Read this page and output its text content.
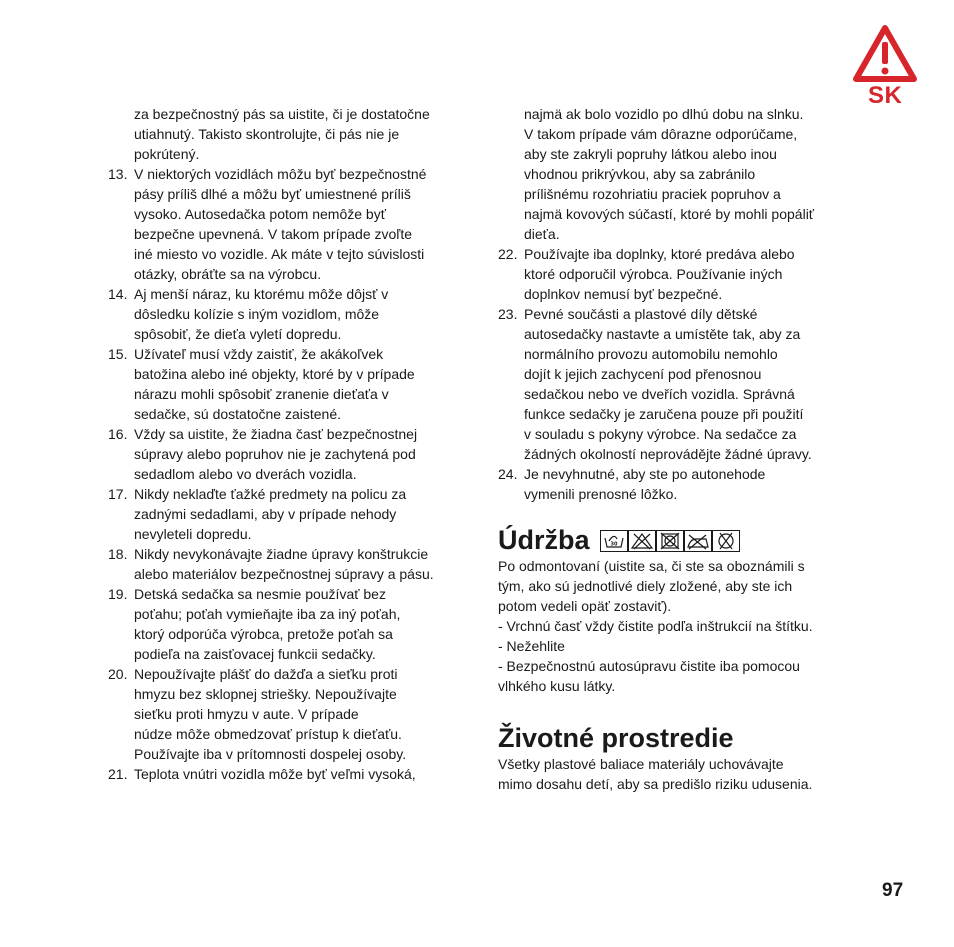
SK
za bezpečnostný pás sa uistite, či je dostatočne
utiahnutý. Takisto skontrolujte, či pás nie je
pokrútený.
13. V niektorých vozidlách môžu byť bezpečnostné
pásy príliš dlhé a môžu byť umiestnené príliš
vysoko. Autosedačka potom nemôže byť
bezpečne upevnená. V takom prípade zvoľte
iné miesto vo vozidle. Ak máte v tejto súvislosti
otázky, obráťte sa na výrobcu.
14. Aj menší náraz, ku ktorému môže dôjsť v
dôsledku kolízie s iným vozidlom, môže
spôsobiť, že dieťa vyletí dopredu.
15. Užívateľ musí vždy zaistiť, že akákoľvek
batožina alebo iné objekty, ktoré by v prípade
nárazu mohli spôsobiť zranenie dieťaťa v
sedačke, sú dostatočne zaistené.
16. Vždy sa uistite, že žiadna časť bezpečnostnej
súpravy alebo popruhov nie je zachytená pod
sedadlom alebo vo dverách vozidla.
17. Nikdy neklaďte ťažké predmety na policu za
zadnými sedadlami, aby v prípade nehody
nevyleteli dopredu.
18. Nikdy nevykonávajte žiadne úpravy konštrukcie
alebo materiálov bezpečnostnej súpravy a pásu.
19. Detská sedačka sa nesmie používať bez
poťahu; poťah vymieňajte iba za iný poťah,
ktorý odporúča výrobca, pretože poťah sa
podieľa na zaisťovacej funkcii sedačky.
20. Nepoužívajte plášť do dažďa a sieťku proti
hmyzu bez sklopnej striešky. Nepoužívajte
sieťku proti hmyzu v aute. V prípade
núdze môže obmedzovať prístup k dieťaťu.
Používajte iba v prítomnosti dospelej osoby.
21. Teplota vnútri vozidla môže byť veľmi vysoká,
najmä ak bolo vozidlo po dlhú dobu na slnku.
V takom prípade vám dôrazne odporúčame,
aby ste zakryli popruhy látkou alebo inou
vhodnou prikrývkou, aby sa zabránilo
prílišnému rozohriatiu praciek popruhov a
najmä kovových súčastí, ktoré by mohli popáliť
dieťa.
22. Používajte iba doplnky, ktoré predáva alebo
ktoré odporučil výrobca. Používanie iných
doplnkov nemusí byť bezpečné.
23. Pevné součásti a plastové díly dětské
autosedačky nastavte a umístěte tak, aby za
normálního provozu automobilu nemohlo
dojít k jejich zachycení pod přenosnou
sedačkou nebo ve dveřích vozidla. Správná
funkce sedačky je zaručena pouze při použití
v souladu s pokyny výrobce. Na sedačce za
žádných okolností neprovádějte žádné úpravy.
24. Je nevyhnutné, aby ste po autonehode
vymenili prenosné lôžko.
Údržba	30
Po odmontovaní (uistite sa, či ste sa oboznámili s
tým, ako sú jednotlivé diely zložené, aby ste ich
potom vedeli opäť zostaviť).
- Vrchnú časť vždy čistite podľa inštrukcií na štítku.
- Nežehlite
- Bezpečnostnú autosúpravu čistite iba pomocou
vlhkého kusu látky.
Životné prostredie
Všetky plastové baliace materiály uchovávajte
mimo dosahu detí, aby sa predišlo riziku udusenia.
97
